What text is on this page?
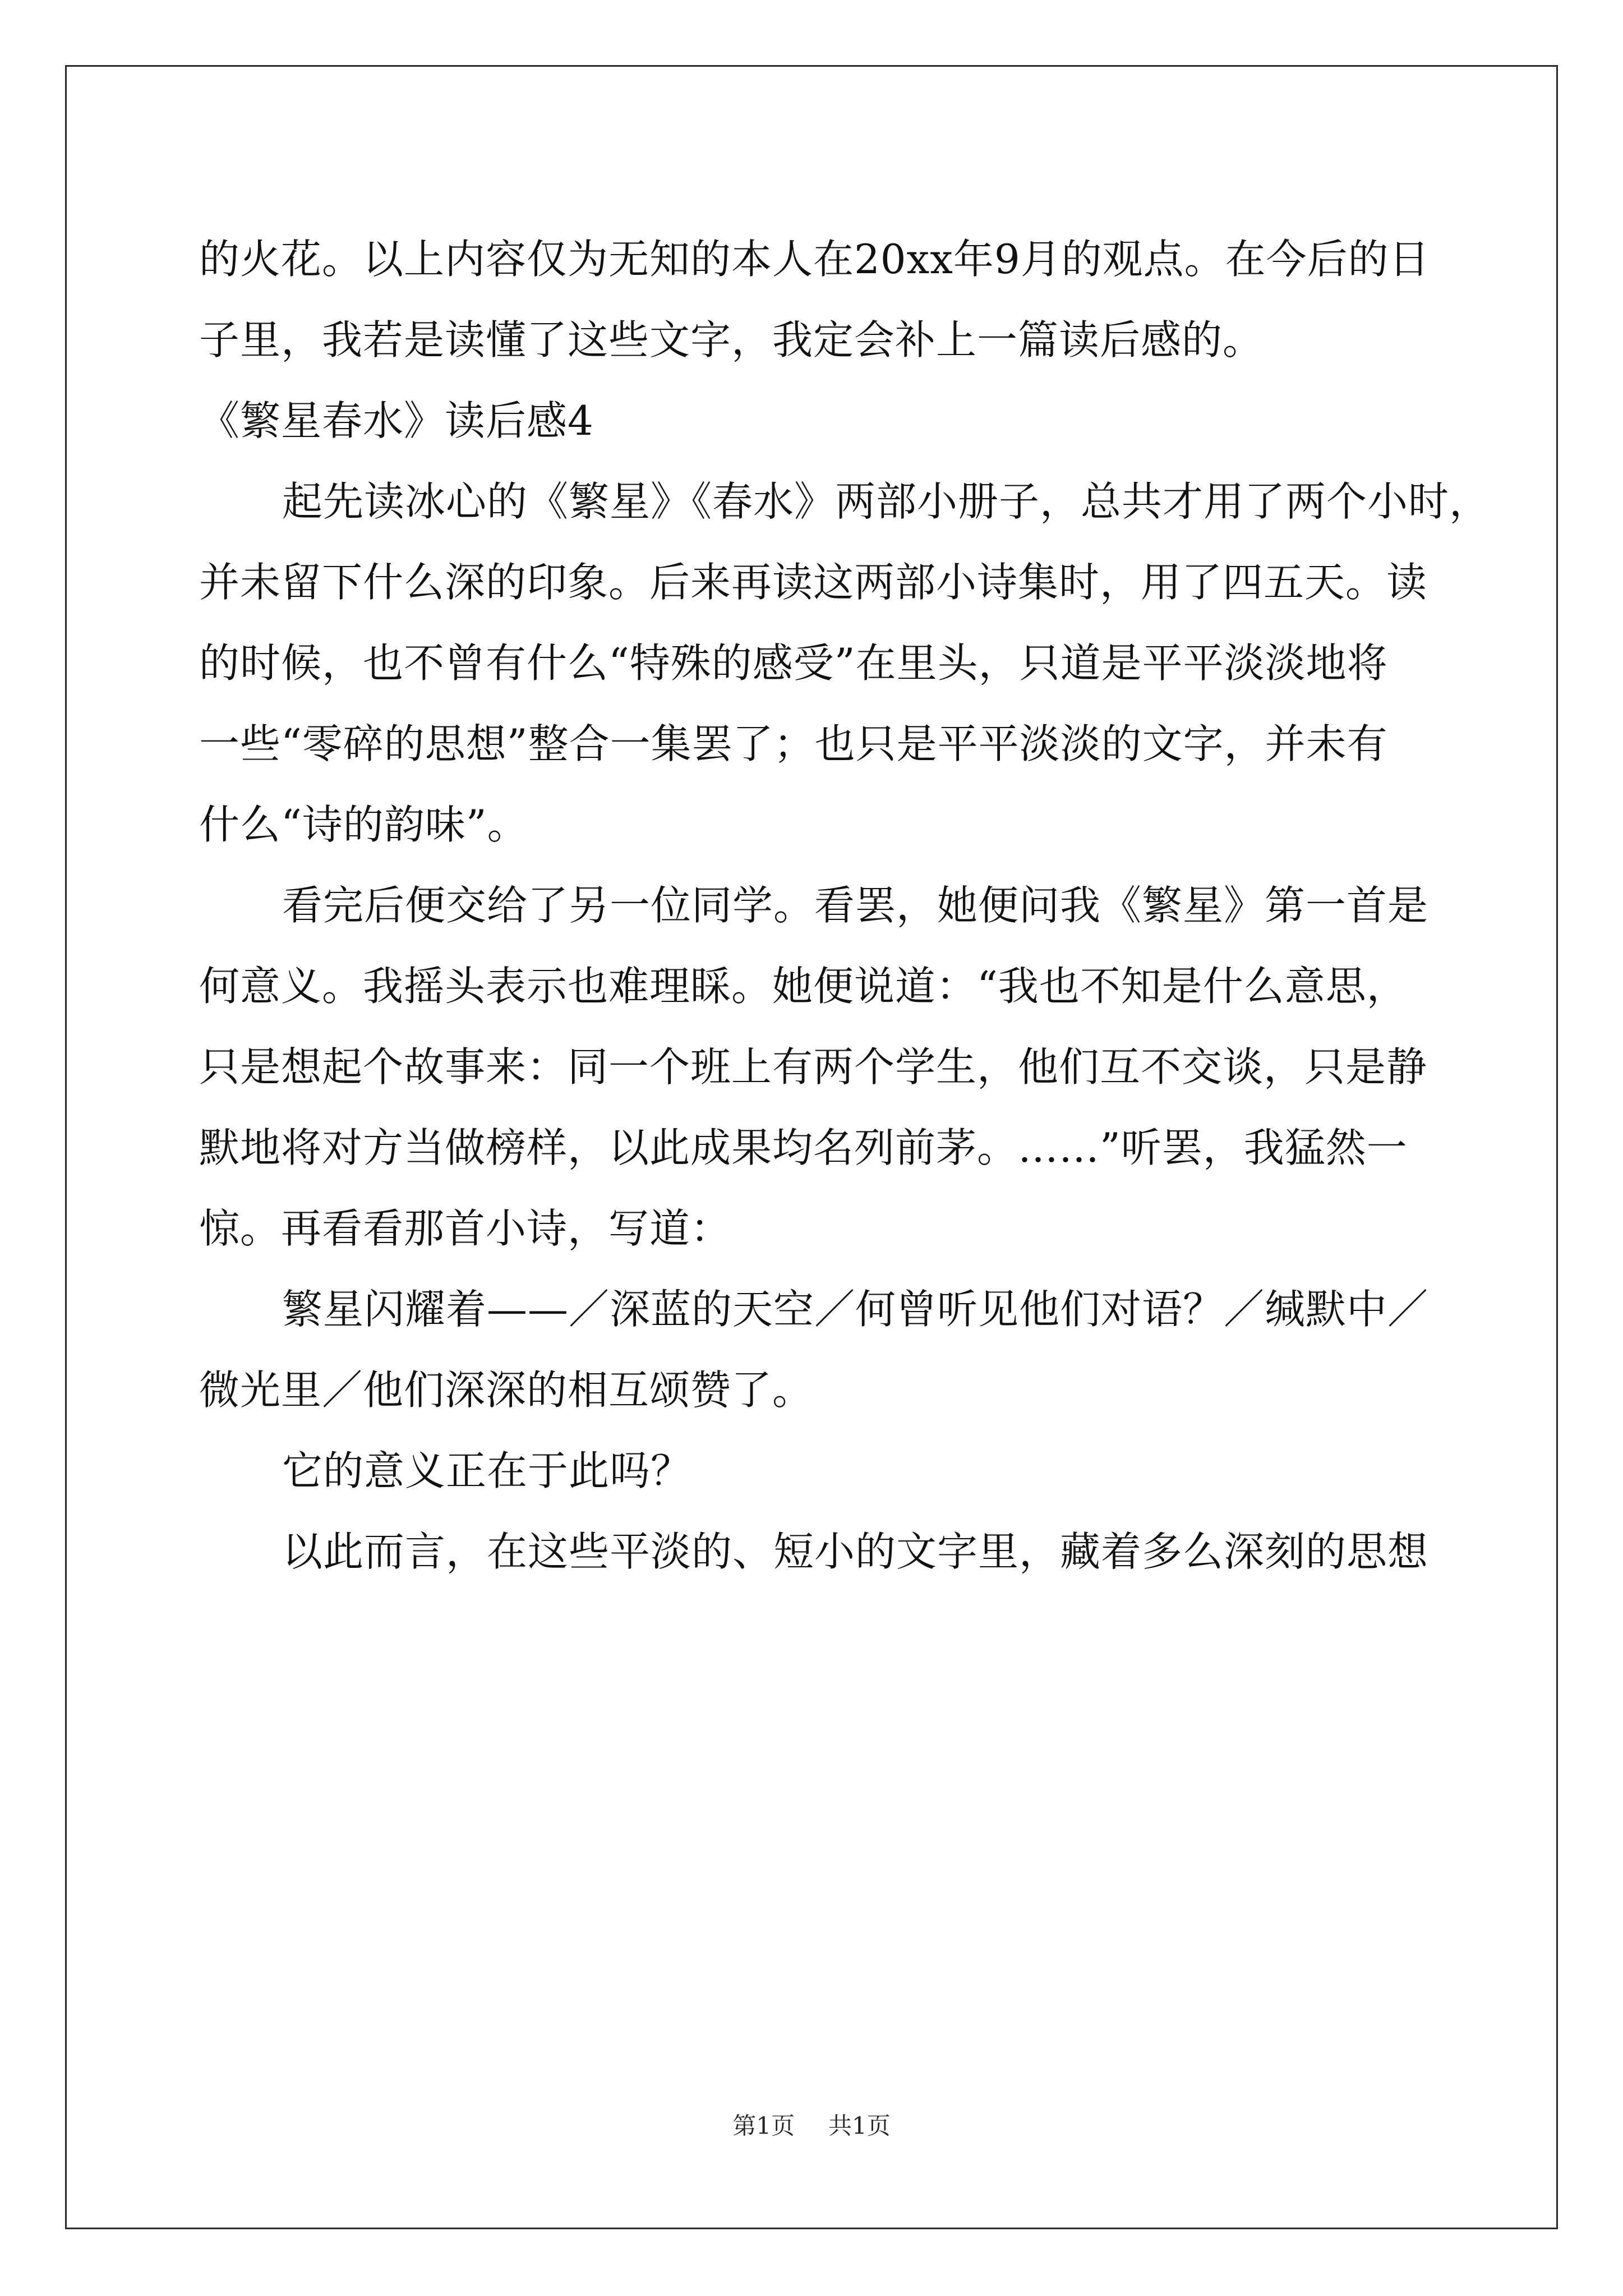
的火花。以上内容仅为无知的本人在20xx年9月的观点。在今后的日
子里，我若是读懂了这些文字，我定会补上一篇读后感的。
《繁星春水》读后感4
起先读冰心的《繁星》《春水》两部小册子，总共才用了两个小时，
并未留下什么深的印象。后来再读这两部小诗集时，用了四五天。读
的时候，也不曾有什么“特殊的感受”在里头，只道是平平淡淡地将
一些“零碎的思想”整合一集罢了；也只是平平淡淡的文字，并未有
什么“诗的韵味”。
看完后便交给了另一位同学。看罢，她便问我《繁星》第一首是
何意义。我摇头表示也难理睬。她便说道：“我也不知是什么意思，
只是想起个故事来：同一个班上有两个学生，他们互不交谈，只是静
默地将对方当做榜样，以此成果均名列前茅。……”听罢，我猛然一
惊。再看看那首小诗，写道：
繁星闪耀着——／深蓝的天空／何曾听见他们对语？／缄默中／
微光里／他们深深的相互颂赞了。
它的意义正在于此吗？
以此而言，在这些平淡的、短小的文字里，藏着多么深刻的思想
第1页 共1页
